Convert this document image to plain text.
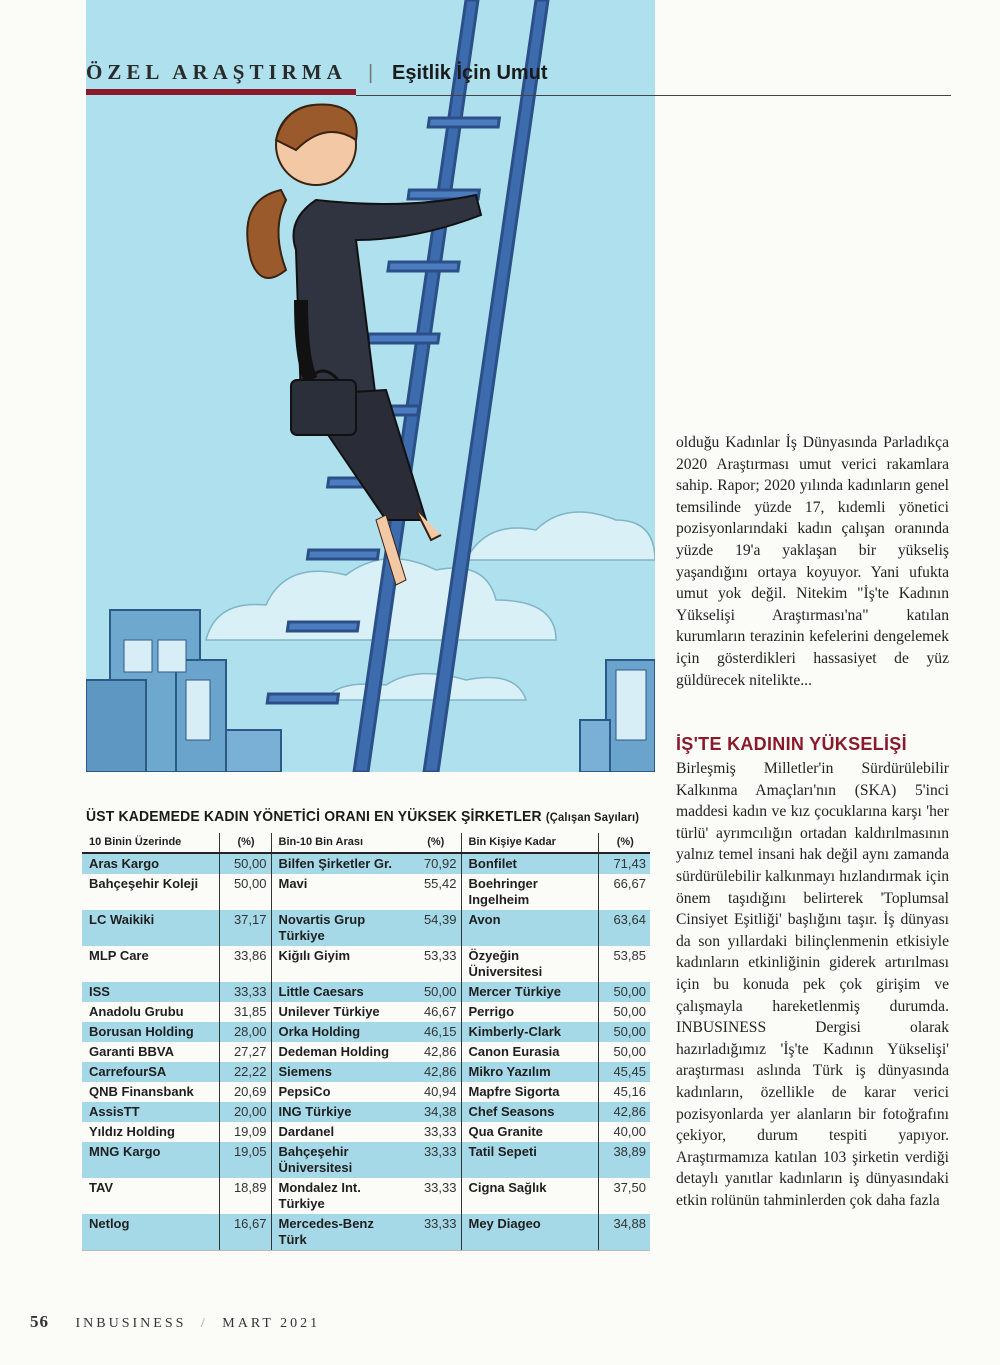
ÖZEL ARAŞTIRMA | Eşitlik İçin Umut
ÜST KADEMEDE KADIN YÖNETİCİ ORANI EN YÜKSEK ŞİRKETLER (Çalışan Sayıları)
10 Binin Üzerinde	(%)	Bin-10 Bin Arası	(%)	Bin Kişiye Kadar	(%)
Aras Kargo	50,00	Bilfen Şirketler Gr.	70,92	Bonfilet	71,43
Bahçeşehir Koleji	50,00	Mavi	55,42	Boehringer Ingelheim	66,67
LC Waikiki	37,17	Novartis Grup Türkiye	54,39	Avon	63,64
MLP Care	33,86	Kiğılı Giyim	53,33	Özyeğin Üniversitesi	53,85
ISS	33,33	Little Caesars	50,00	Mercer Türkiye	50,00
Anadolu Grubu	31,85	Unilever Türkiye	46,67	Perrigo	50,00
Borusan Holding	28,00	Orka Holding	46,15	Kimberly-Clark	50,00
Garanti BBVA	27,27	Dedeman Holding	42,86	Canon Eurasia	50,00
CarrefourSA	22,22	Siemens	42,86	Mikro Yazılım	45,45
QNB Finansbank	20,69	PepsiCo	40,94	Mapfre Sigorta	45,16
AssisTT	20,00	ING Türkiye	34,38	Chef Seasons	42,86
Yıldız Holding	19,09	Dardanel	33,33	Qua Granite	40,00
MNG Kargo	19,05	Bahçeşehir Üniversitesi	33,33	Tatil Sepeti	38,89
TAV	18,89	Mondalez Int. Türkiye	33,33	Cigna Sağlık	37,50
Netlog	16,67	Mercedes-Benz Türk	33,33	Mey Diageo	34,88

olduğu Kadınlar İş Dünyasında Parladıkça 2020 Araştırması umut verici rakamlara sahip. Rapor; 2020 yılında kadınların genel temsilinde yüzde 17, kıdemli yönetici pozisyonlarındaki kadın çalışan oranında yüzde 19'a yaklaşan bir yükseliş yaşandığını ortaya koyuyor. Yani ufukta umut yok değil. Nitekim "İş'te Kadının Yükselişi Araştırması'na" katılan kurumların terazinin kefelerini dengelemek için gösterdikleri hassasiyet de yüz güldürecek nitelikte...

İŞ'TE KADININ YÜKSELİŞİ

Birleşmiş Milletler'in Sürdürülebilir Kalkınma Amaçları'nın (SKA) 5'inci maddesi kadın ve kız çocuklarına karşı 'her türlü' ayrımcılığın ortadan kaldırılmasının yalnız temel insani hak değil aynı zamanda sürdürülebilir kalkınmayı hızlandırmak için önem taşıdığını belirterek 'Toplumsal Cinsiyet Eşitliği' başlığını taşır. İş dünyası da son yıllardaki bilinçlenmenin etkisiyle kadınların etkinliğinin giderek artırılması için bu konuda pek çok girişim ve çalışmayla hareketlenmiş durumda. INBUSINESS Dergisi olarak hazırladığımız 'İş'te Kadının Yükselişi' araştırması aslında Türk iş dünyasında kadınların, özellikle de karar verici pozisyonlarda yer alanların bir fotoğrafını çekiyor, durum tespiti yapıyor. Araştırmamıza katılan 103 şirketin verdiği detaylı yanıtlar kadınların iş dünyasındaki etkin rolünün tahminlerden çok daha fazla

56 INBUSINESS / MART 2021
